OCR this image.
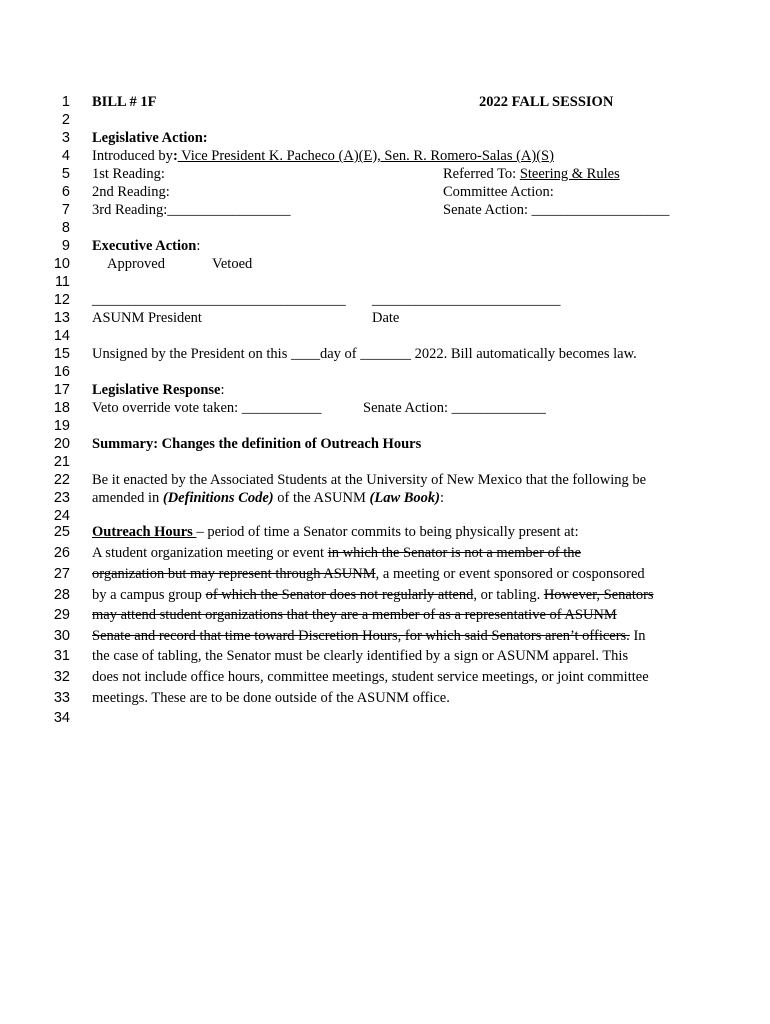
1
2
3
4
5
6
7
8
9
10
11
12
13
14
15
16
17
18
19
20
21
22
23
24
25
26
27
28
29
30
31
32
33
34
BILL # 1F	2022 FALL SESSION
Legislative Action:
Introduced by: Vice President K. Pacheco (A)(E), Sen. R. Romero-Salas (A)(S)
1st Reading:	Referred To: Steering & Rules
2nd Reading:	Committee Action:
3rd Reading:_________________	Senate Action: ___________________
Executive Action:
Approved	Vetoed
___________________________________ __________________________
ASUNM President	Date
Unsigned by the President on this ____day of _______ 2022. Bill automatically becomes law.
Legislative Response:
Veto override vote taken: ___________	Senate Action: _____________
Summary: Changes the definition of Outreach Hours
Be it enacted by the Associated Students at the University of New Mexico that the following be
amended in (Definitions Code) of the ASUNM (Law Book):
Outreach Hours – period of time a Senator commits to being physically present at:
A student organization meeting or event in which the Senator is not a member of the
organization but may represent through ASUNM, a meeting or event sponsored or cosponsored
by a campus group of which the Senator does not regularly attend, or tabling. However, Senators
may attend student organizations that they are a member of as a representative of ASUNM
Senate and record that time toward Discretion Hours, for which said Senators aren’t officers. In
the case of tabling, the Senator must be clearly identified by a sign or ASUNM apparel. This
does not include office hours, committee meetings, student service meetings, or joint committee
meetings. These are to be done outside of the ASUNM office.
